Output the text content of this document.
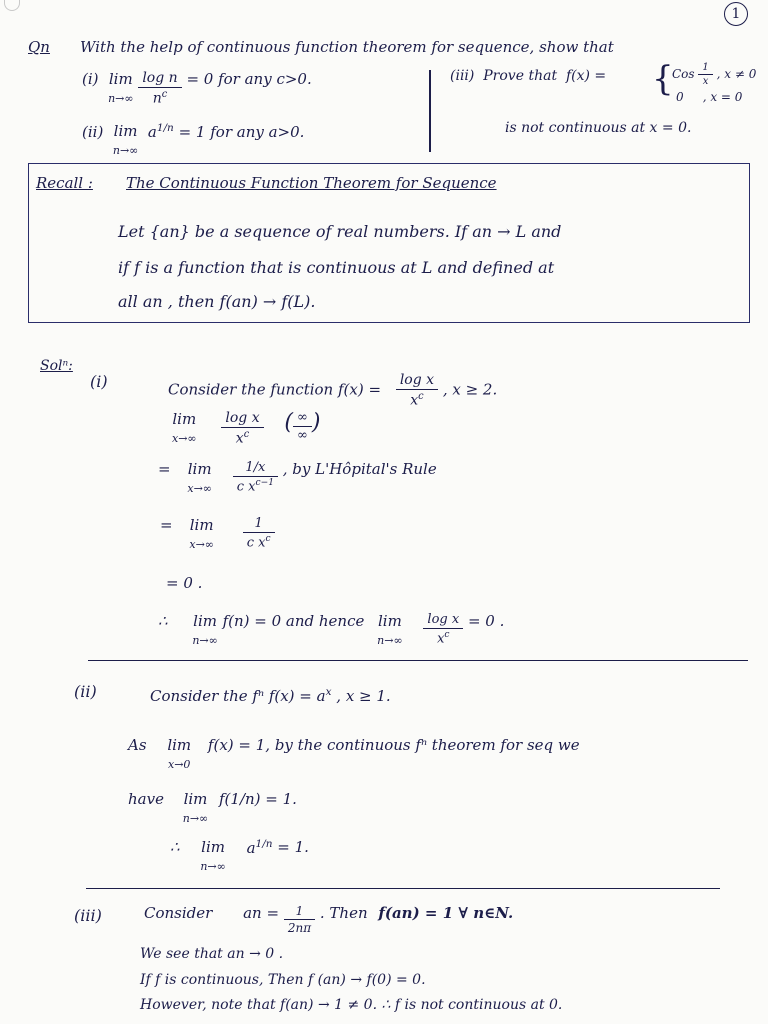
1
Qn With the help of continuous function theorem for sequence, show that
(i) lim
$n\to\infty \frac{\text{log n}}{n^c} = 0$ for any c>0.
(ii) lim
n→∞  $a^{1/n} = 1$ for any a>0.
(iii) Prove that f(x) = {
Cos $\frac{1}{x}$ , x ≠ 0
0 , x = 0
is not continuous at x = 0.
Recall : The Continuous Function Theorem for Sequence
Let {an} be a sequence of real numbers. If an → L and
if f is a function that is continuous at L and defined at
all an , then f(an) → f(L).
Solⁿ:
(i)	Consider the function $f(x) = \frac{\text{log x}}{x^c}$ , x ≥ 2.
lim
$x\to\infty \frac{\text{log x}}{x^c}$ ( $\frac{\infty}{\infty}$ )
= lim
$x\to\infty \frac{1/x}{c x^{c-1}}$ , by L'Hôpital's Rule
= lim
$x\to\infty \frac{1}{c x^c}$
= 0 .
∴ lim
n→∞ f(n) = 0 and hence lim
$n\to\infty \frac{\text{log x}}{x^c} = 0$ .
(ii)	Consider the fⁿ $f(x) = a^x$ , x ≥ 1.
As lim
x→0 f(x) = 1, by the continuous fⁿ theorem for seq we
have lim
n→∞ f(1/n) = 1.
∴ lim
n→∞ $a^{1/n} = 1$.
(iii)	Consider an = $\frac{1}{2n\pi}$ . Then f(an) = 1 ∀ n∈N.
We see that an → 0 .
If f is continuous, Then f (an) → f(0) = 0.
However, note that f(an) → 1 ≠ 0. ∴ f is not continuous at 0.
